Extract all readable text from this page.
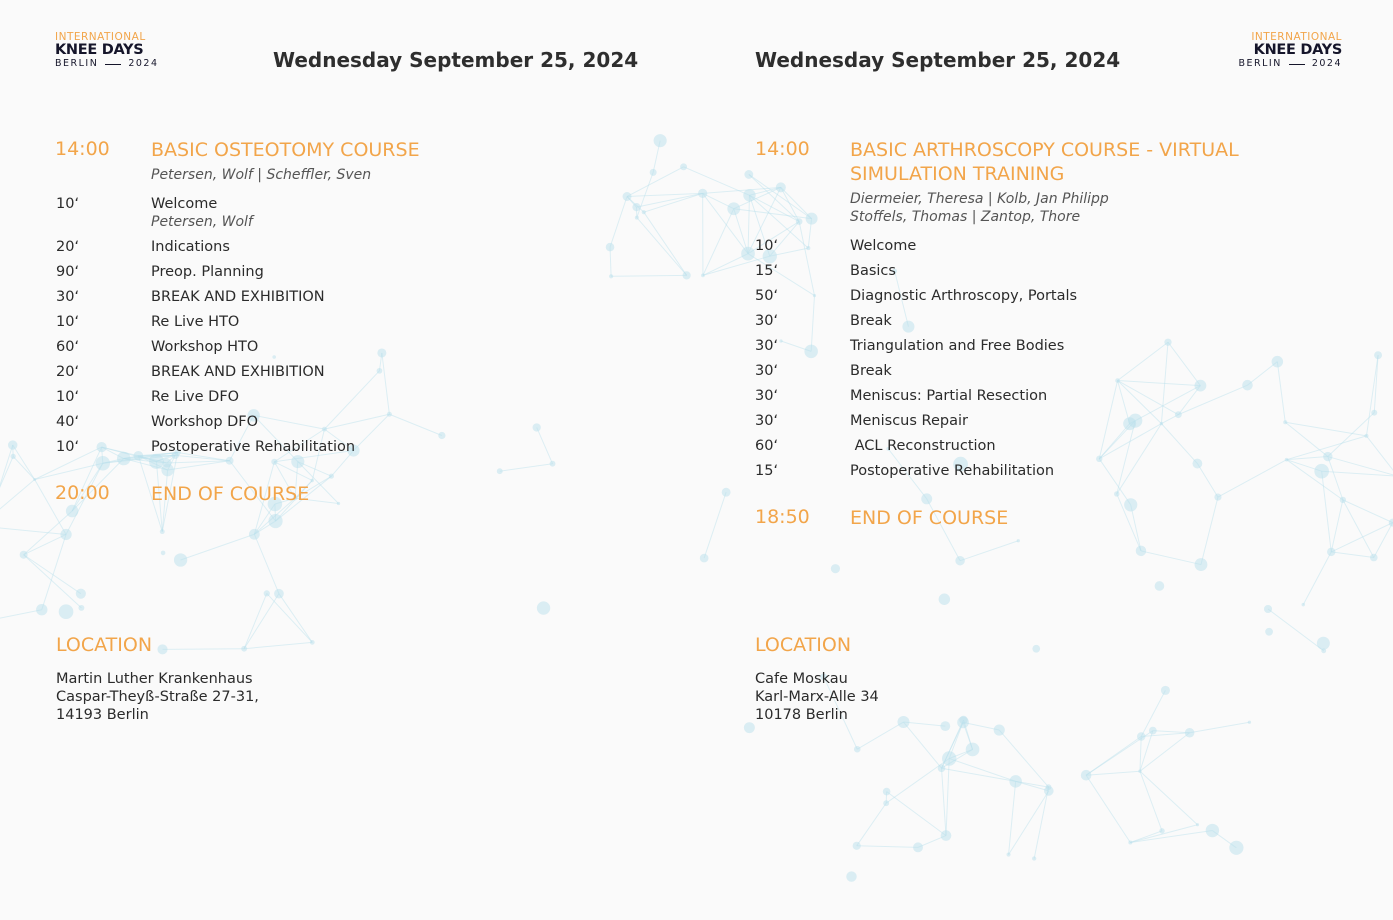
INTERNATIONAL
KNEE DAYS
BERLIN	2024	Wednesday September 25, 2024
14:00 BASIC OSTEOTOMY COURSE
Petersen, Wolf | Scheffler, Sven
10‘	Welcome
Petersen, Wolf
20‘	Indications
90‘	Preop. Planning
30‘	BREAK AND EXHIBITION
10‘	Re Live HTO
60‘	Workshop HTO
20‘	BREAK AND EXHIBITION
10‘	Re Live DFO
40‘	Workshop DFO
10‘	Postoperative Rehabilitation
20:00 END OF COURSE
LOCATION
Martin Luther Krankenhaus
Caspar-Theyß-Straße 27-31,
14193 Berlin
INTERNATIONAL
KNEE DAYS
BERLIN	2024
Wednesday September 25, 2024
14:00 BASIC ARTHROSCOPY COURSE - VIRTUAL SIMULATION TRAINING
Diermeier, Theresa | Kolb, Jan Philipp
Stoffels, Thomas | Zantop, Thore
10‘	Welcome
15‘	Basics
50‘	Diagnostic Arthroscopy, Portals
30‘	Break
30‘	Triangulation and Free Bodies
30‘	Break
30‘	Meniscus: Partial Resection
30‘	Meniscus Repair
60‘	ACL Reconstruction
15‘	Postoperative Rehabilitation
18:50 END OF COURSE
LOCATION
Cafe Moskau
Karl-Marx-Alle 34
10178 Berlin
